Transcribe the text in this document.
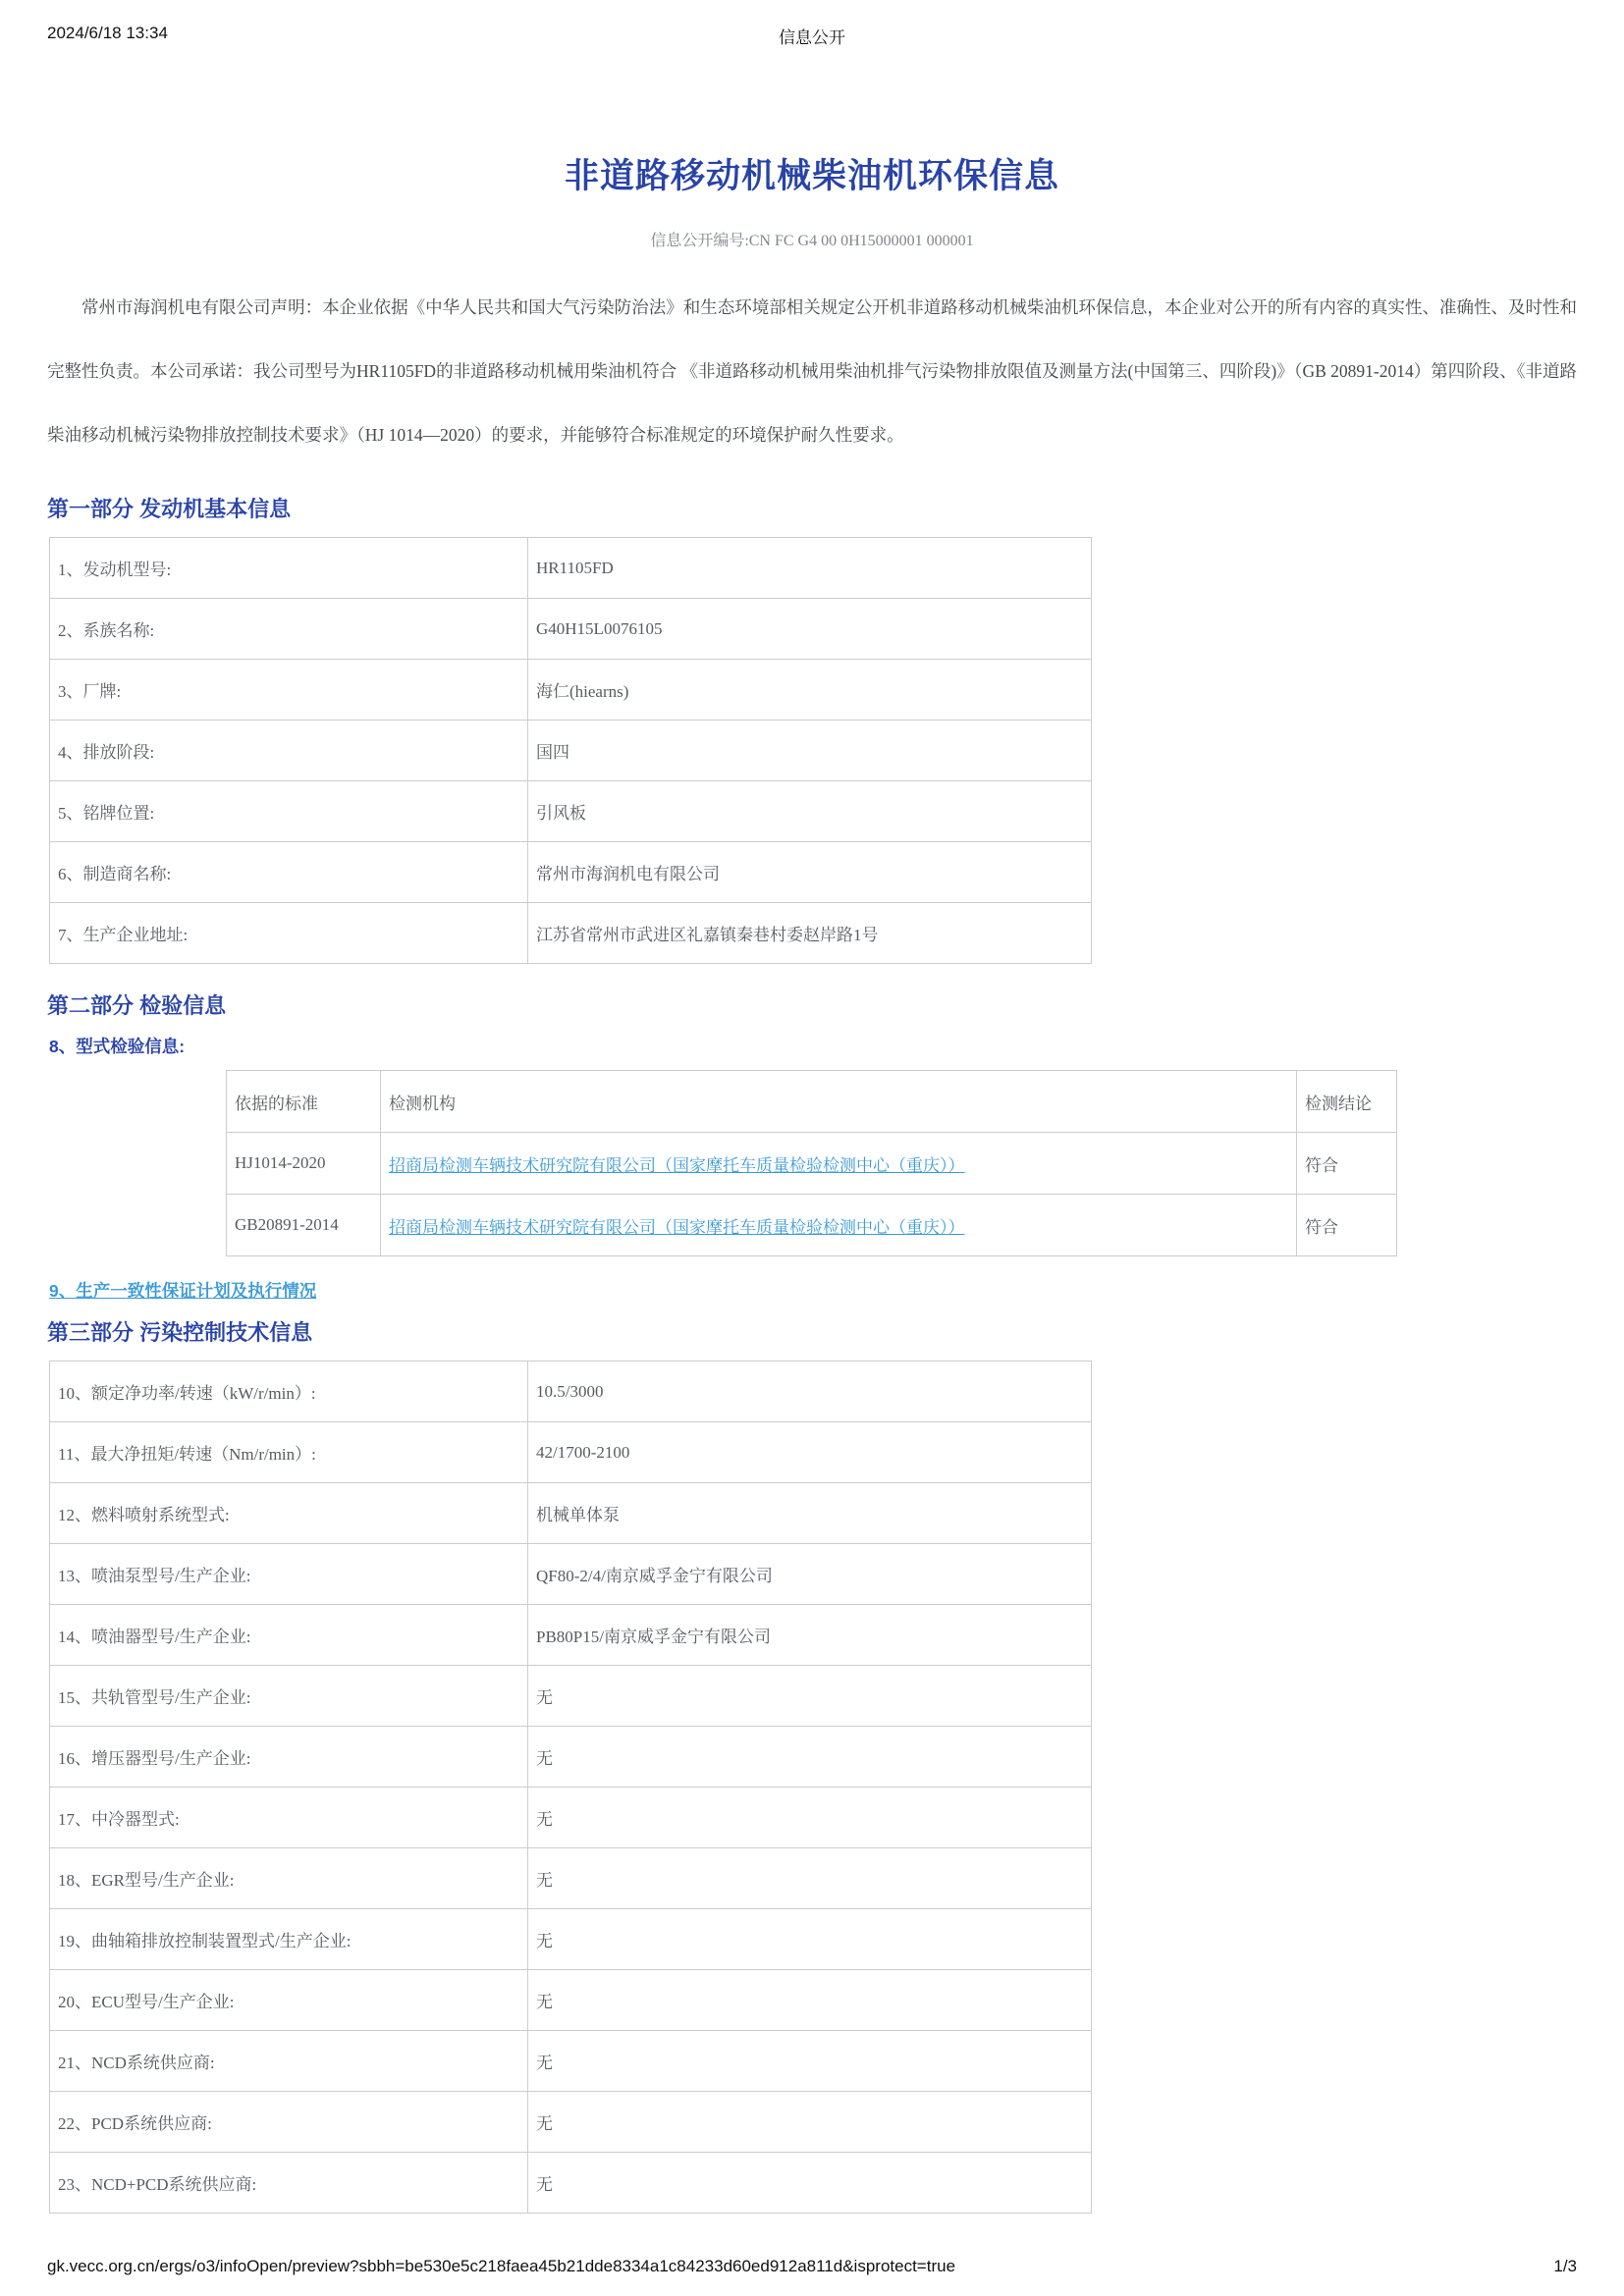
2024/6/18 13:34	信息公开
非道路移动机械柴油机环保信息
信息公开编号:CN FC G4 00 0H15000001 000001

常州市海润机电有限公司声明：本企业依据《中华人民共和国大气污染防治法》和生态环境部相关规定公开机非道路移动机械柴油机环保信息，本企业对公开的所有内容的真实性、准确性、及时性和完整性负责。本公司承诺：我公司型号为HR1105FD的非道路移动机械用柴油机符合 《非道路移动机械用柴油机排气污染物排放限值及测量方法(中国第三、四阶段)》（GB 20891-2014）第四阶段、《非道路柴油移动机械污染物排放控制技术要求》（HJ 1014—2020）的要求，并能够符合标准规定的环境保护耐久性要求。

第一部分 发动机基本信息
1、发动机型号:	HR1105FD
2、系族名称:	G40H15L0076105
3、厂牌:	海仁(hiearns)
4、排放阶段:	国四
5、铭牌位置:	引风板
6、制造商名称:	常州市海润机电有限公司
7、生产企业地址:	江苏省常州市武进区礼嘉镇秦巷村委赵岸路1号
第二部分 检验信息
8、型式检验信息:
依据的标准	检测机构	检测结论
HJ1014-2020	招商局检测车辆技术研究院有限公司（国家摩托车质量检验检测中心（重庆））	符合
GB20891-2014	招商局检测车辆技术研究院有限公司（国家摩托车质量检验检测中心（重庆））	符合
9、生产一致性保证计划及执行情况
第三部分 污染控制技术信息
10、额定净功率/转速（kW/r/min）:	10.5/3000
11、最大净扭矩/转速（Nm/r/min）:	42/1700-2100
12、燃料喷射系统型式:	机械单体泵
13、喷油泵型号/生产企业:	QF80-2/4/南京威孚金宁有限公司
14、喷油器型号/生产企业:	PB80P15/南京威孚金宁有限公司
15、共轨管型号/生产企业:	无
16、增压器型号/生产企业:	无
17、中冷器型式:	无
18、EGR型号/生产企业:	无
19、曲轴箱排放控制装置型式/生产企业:	无
20、ECU型号/生产企业:	无
21、NCD系统供应商:	无
22、PCD系统供应商:	无
23、NCD+PCD系统供应商:	无
gk.vecc.org.cn/ergs/o3/infoOpen/preview?sbbh=be530e5c218faea45b21dde8334a1c84233d60ed912a811d&isprotect=true	1/3
